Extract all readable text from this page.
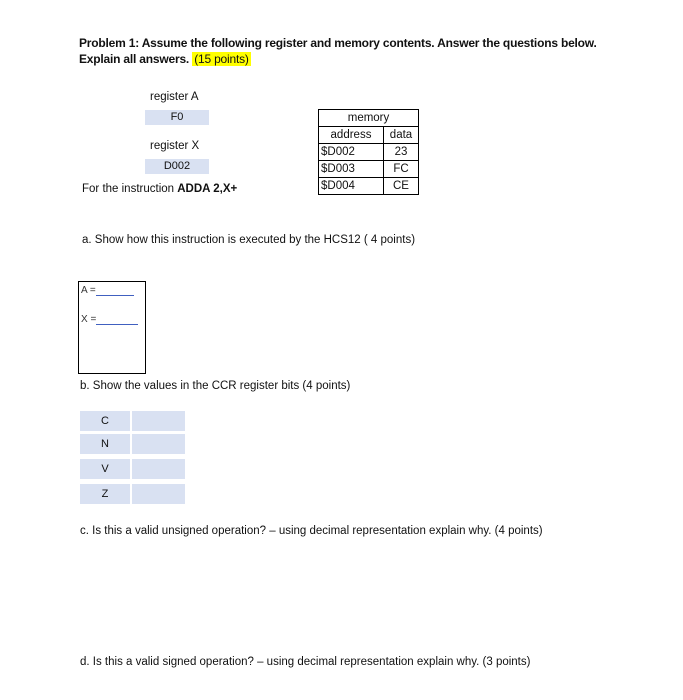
Problem 1: Assume the following register and memory contents. Answer the questions below. Explain all answers. (15 points)
register A
F0
register X
D002
For the instruction ADDA 2,X+
memory	
address	data
$D002	23
$D003	FC
$D004	CE
a. Show how this instruction is executed by the HCS12 ( 4 points)
A =
X =
b. Show the values in the CCR register bits (4 points)
C
N
V
Z
c. Is this a valid unsigned operation? – using decimal representation explain why. (4 points)
d. Is this a valid signed operation? – using decimal representation explain why. (3 points)
